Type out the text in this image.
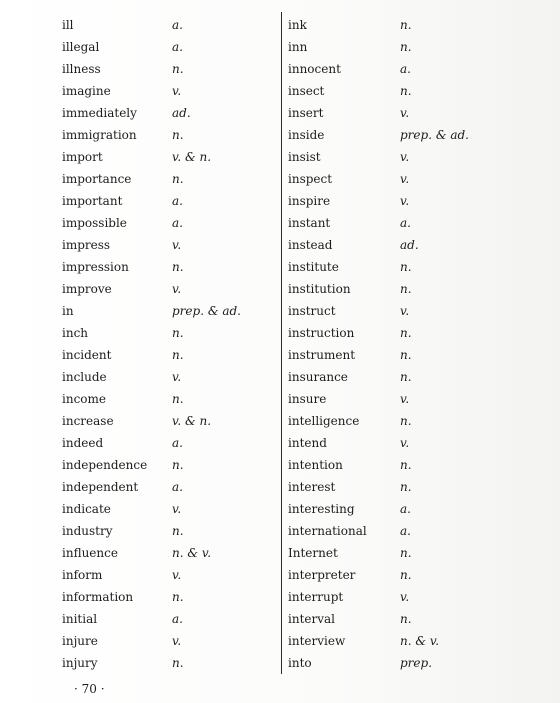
ill	a.
illegal	a.
illness	n.
imagine	v.
immediately	ad.
immigration	n.
import	v. & n.
importance	n.
important	a.
impossible	a.
impress	v.
impression	n.
improve	v.
in	prep. & ad.
inch	n.
incident	n.
include	v.
income	n.
increase	v. & n.
indeed	a.
independence n.
independent	a.
indicate	v.
industry	n.
influence	n. & v.
inform	v.
information	n.
initial	a.
injure	v.
injury	n.
ink	n.
inn	n.
innocent	a.
insect	n.
insert	v.
inside	prep. & ad.
insist	v.
inspect	v.
inspire	v.
instant	a.
instead	ad.
institute	n.
institution	n.
instruct	v.
instruction	n.
instrument	n.
insurance	n.
insure	v.
intelligence	n.
intend	v.
intention	n.
interest	n.
interesting	a.
international	a.
Internet	n.
interpreter	n.
interrupt	v.
interval	n.
interview	n. & v.
into	prep.
· 70 ·
